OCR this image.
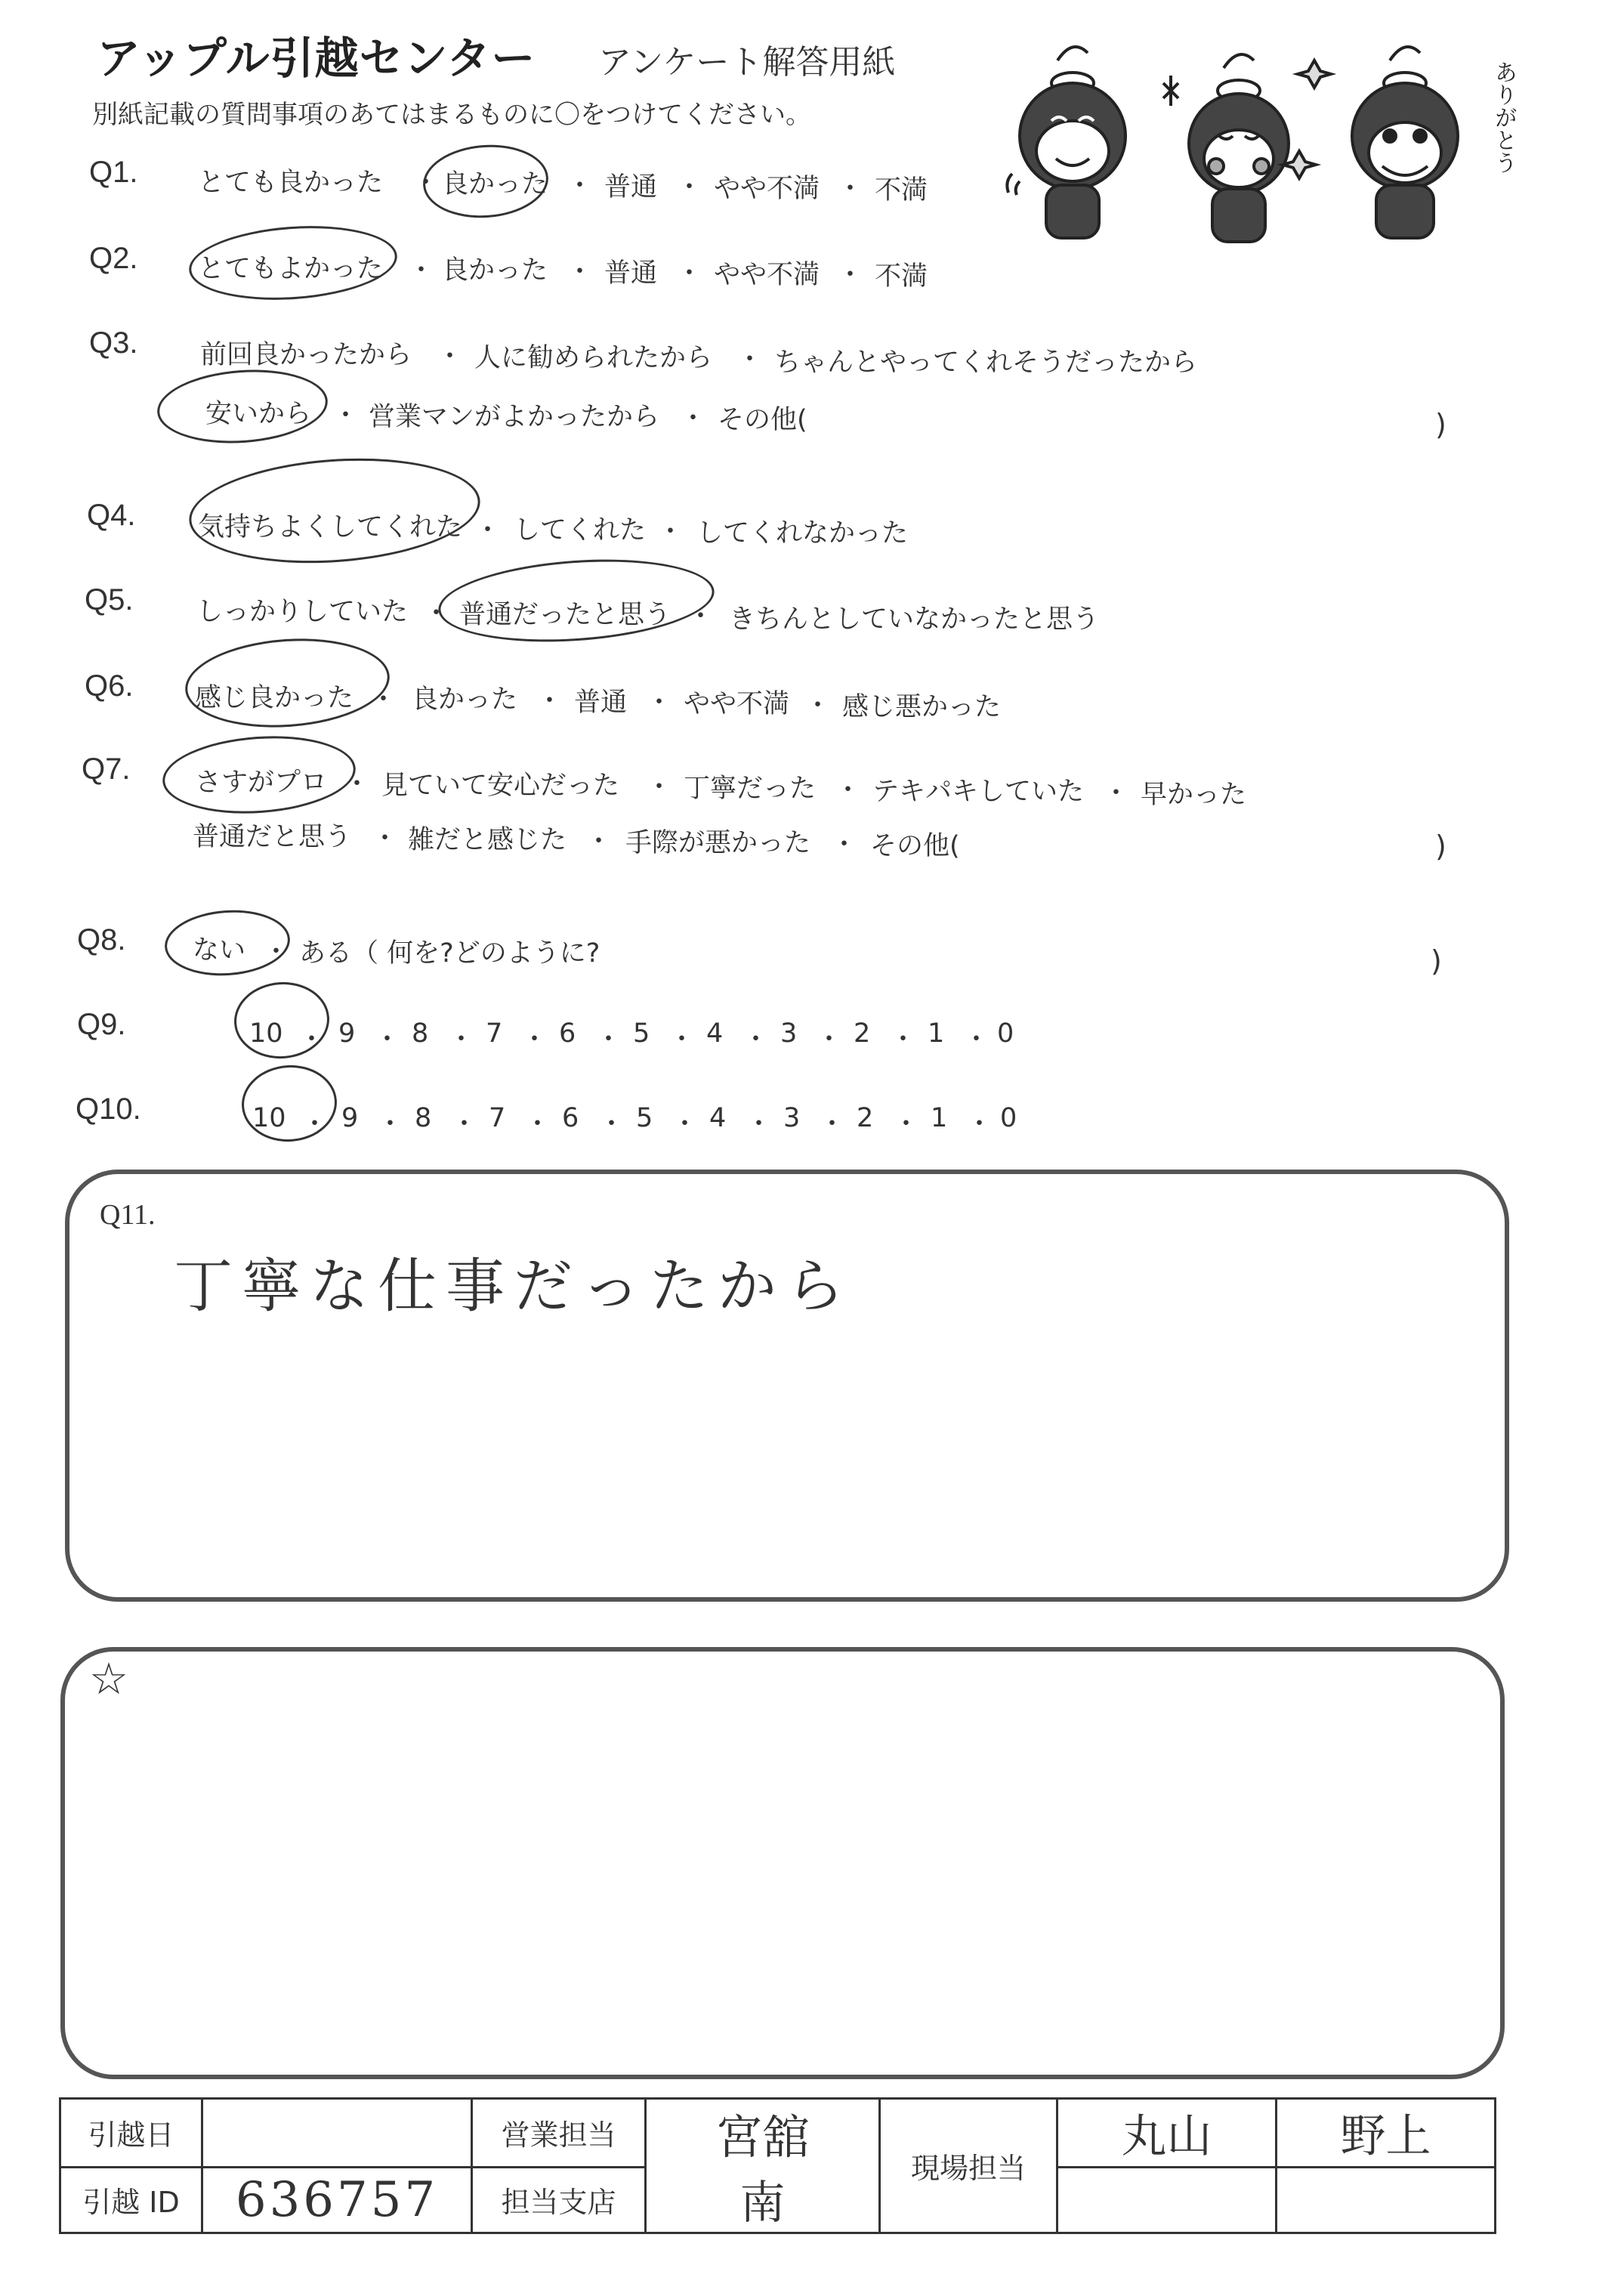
アップル引越センター アンケート解答用紙
別紙記載の質問事項のあてはまるものに〇をつけてください。	ありがとう
Q1. とても良かった ・ 良かった ・ 普通 ・ やや不満 ・ 不満
Q2. とてもよかった ・ 良かった ・ 普通 ・ やや不満 ・ 不満
Q3. 前回良かったから ・ 人に勧められたから ・ ちゃんとやってくれそうだったから
安いから ・ 営業マンがよかったから ・ その他(	)
Q4. 気持ちよくしてくれた ・ してくれた ・ してくれなかった
Q5. しっかりしていた ・ 普通だったと思う ・ きちんとしていなかったと思う
Q6. 感じ良かった ・ 良かった ・ 普通 ・ やや不満 ・ 感じ悪かった
Q7. さすがプロ ・ 見ていて安心だった ・ 丁寧だった ・ テキパキしていた ・ 早かった
普通だと思う ・ 雑だと感じた ・ 手際が悪かった ・ その他(	)
Q8.	ない ・ ある（ 何を?どのように?	)
Q9.	10 ・ 9 ・ 8 ・ 7 ・ 6 ・ 5 ・ 4 ・ 3 ・ 2 ・ 1 ・ 0
Q10.	10 ・ 9 ・ 8 ・ 7 ・ 6 ・ 5 ・ 4 ・ 3 ・ 2 ・ 1 ・ 0
Q11.
丁寧な仕事だったから
☆
引越日		営業担当	宮舘	現場担当	丸山	野上
引越 ID	636757	担当支店	南			
